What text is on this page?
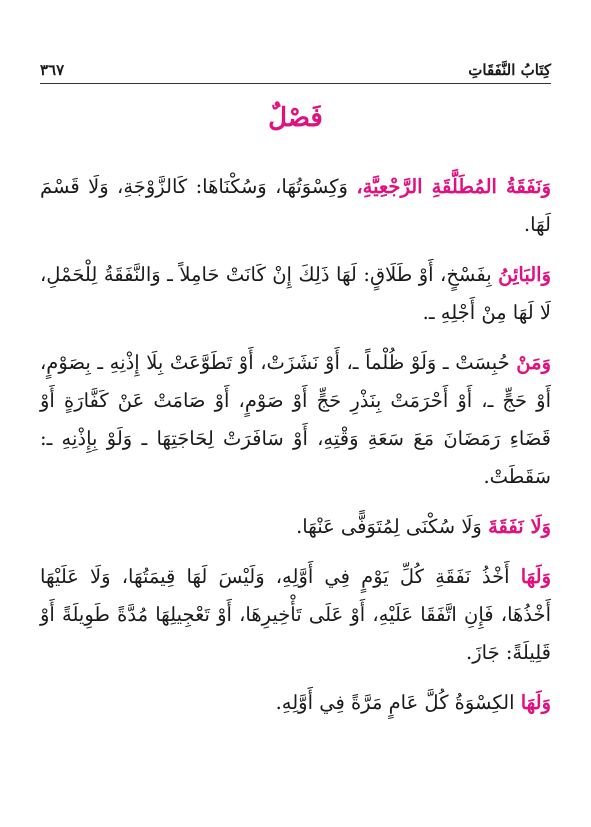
كِتَابُ النَّفَقَاتِ
٣٦٧
فَصْلٌ

وَنَفَقَةُ المُطَلَّقَةِ الرَّجْعِيَّةِ، وَكِسْوَتُهَا، وَسُكْنَاهَا: كَالزَّوْجَةِ، وَلَا قَسْمَ لَهَا.

وَالبَائِنُ بِفَسْخٍ، أَوْ طَلَاقٍ: لَهَا ذَلِكَ إِنْ كَانَتْ حَامِلاً ـ وَالنَّفَقَةُ لِلْحَمْلِ، لَا لَهَا مِنْ أَجْلِهِ ـ.

وَمَنْ حُبِسَتْ ـ وَلَوْ ظُلْماً ـ، أَوْ نَشَزَتْ، أَوْ تَطَوَّعَتْ بِلَا إِذْنِهِ ـ بِصَوْمٍ، أَوْ حَجٍّ ـ، أَوْ أَحْرَمَتْ بِنَذْرِ حَجٍّ أَوْ صَوْمٍ، أَوْ صَامَتْ عَنْ كَفَّارَةٍ أَوْ قَضَاءِ رَمَضَانَ مَعَ سَعَةِ وَقْتِهِ، أَوْ سَافَرَتْ لِحَاجَتِهَا ـ وَلَوْ بِإِذْنِهِ ـ: سَقَطَتْ.

وَلَا نَفَقَةَ وَلَا سُكْنَى لِمُتَوَفًّى عَنْهَا.

وَلَهَا أَخْذُ نَفَقَةِ كُلِّ يَوْمٍ فِي أَوَّلِهِ، وَلَيْسَ لَهَا قِيمَتُهَا، وَلَا عَلَيْهَا أَخْذُهَا، فَإِنِ اتَّفَقَا عَلَيْهِ، أَوْ عَلَى تَأْخِيرِهَا، أَوْ تَعْجِيلِهَا مُدَّةً طَوِيلَةً أَوْ قَلِيلَةً: جَازَ.

وَلَهَا الكِسْوَةُ كُلَّ عَامٍ مَرَّةً فِي أَوَّلِهِ.
